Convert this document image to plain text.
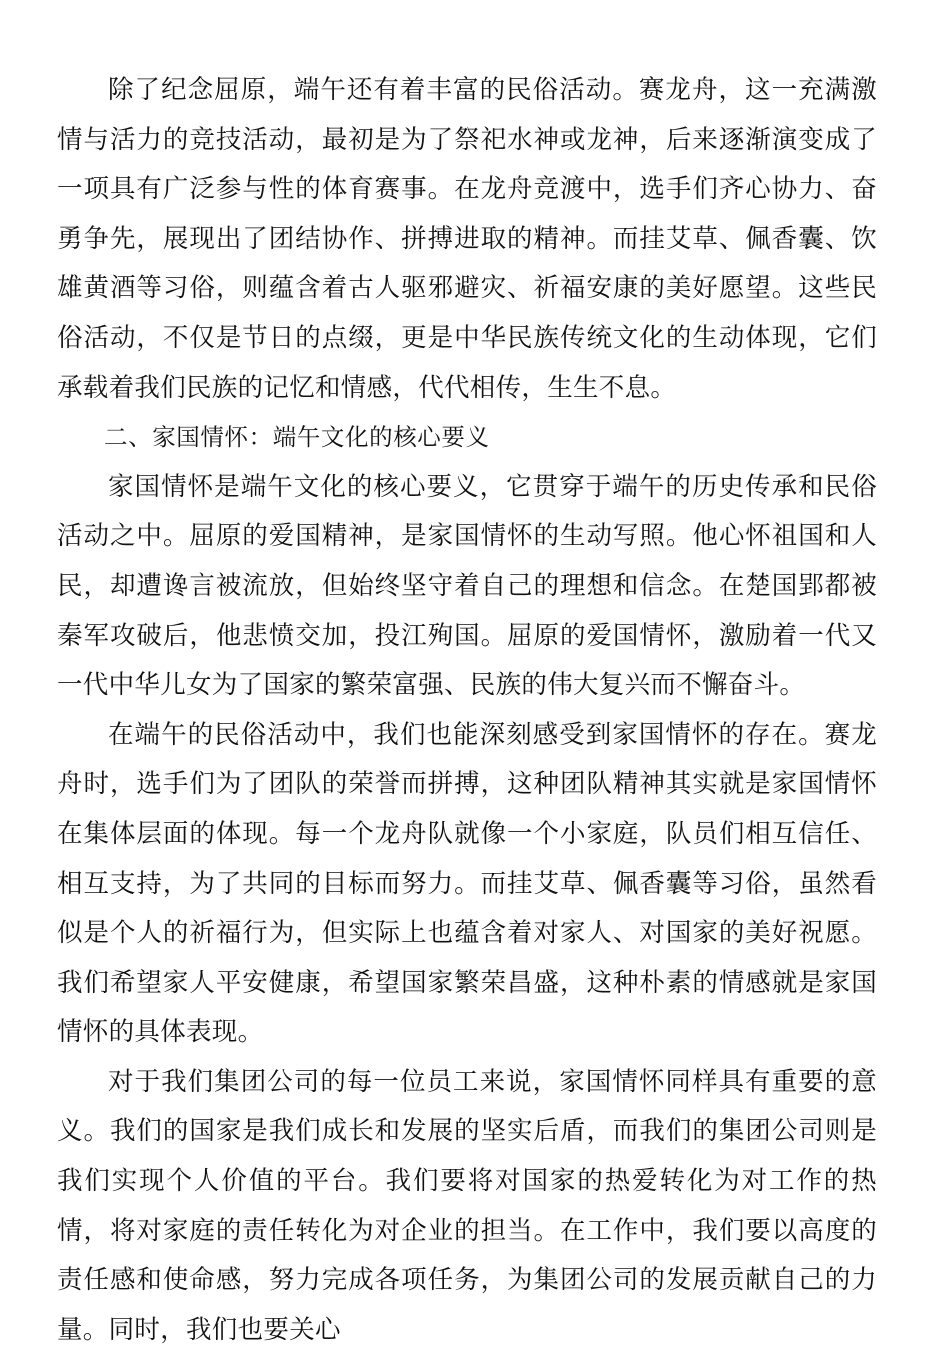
除了纪念屈原，端午还有着丰富的民俗活动。赛龙舟，这一充满激情与活力的竞技活动，最初是为了祭祀水神或龙神，后来逐渐演变成了一项具有广泛参与性的体育赛事。在龙舟竞渡中，选手们齐心协力、奋勇争先，展现出了团结协作、拼搏进取的精神。而挂艾草、佩香囊、饮雄黄酒等习俗，则蕴含着古人驱邪避灾、祈福安康的美好愿望。这些民俗活动，不仅是节日的点缀，更是中华民族传统文化的生动体现，它们承载着我们民族的记忆和情感，代代相传，生生不息。

二、家国情怀：端午文化的核心要义

家国情怀是端午文化的核心要义，它贯穿于端午的历史传承和民俗活动之中。屈原的爱国精神，是家国情怀的生动写照。他心怀祖国和人民，却遭谗言被流放，但始终坚守着自己的理想和信念。在楚国郢都被秦军攻破后，他悲愤交加，投江殉国。屈原的爱国情怀，激励着一代又一代中华儿女为了国家的繁荣富强、民族的伟大复兴而不懈奋斗。

在端午的民俗活动中，我们也能深刻感受到家国情怀的存在。赛龙舟时，选手们为了团队的荣誉而拼搏，这种团队精神其实就是家国情怀在集体层面的体现。每一个龙舟队就像一个小家庭，队员们相互信任、相互支持，为了共同的目标而努力。而挂艾草、佩香囊等习俗，虽然看似是个人的祈福行为，但实际上也蕴含着对家人、对国家的美好祝愿。我们希望家人平安健康，希望国家繁荣昌盛，这种朴素的情感就是家国情怀的具体表现。

对于我们集团公司的每一位员工来说，家国情怀同样具有重要的意义。我们的国家是我们成长和发展的坚实后盾，而我们的集团公司则是我们实现个人价值的平台。我们要将对国家的热爱转化为对工作的热情，将对家庭的责任转化为对企业的担当。在工作中，我们要以高度的责任感和使命感，努力完成各项任务，为集团公司的发展贡献自己的力量。同时，我们也要关心
